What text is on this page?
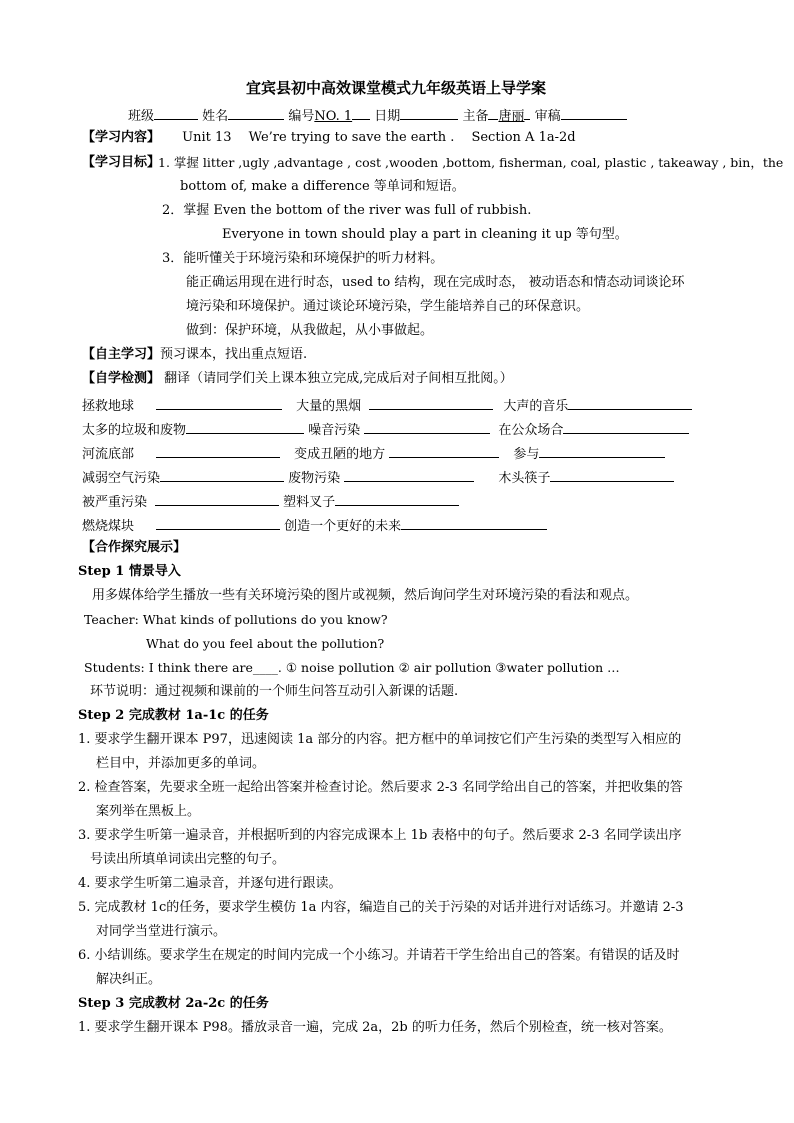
宜宾县初中高效课堂模式九年级英语上导学案
班级	姓名	编号NO. 1 日期	主备 唐丽 审稿
【学习内容】 Unit 13　 We’re trying to save the earth .　 Section A 1a-2d
【学习目标】
1. 掌握 litter ,ugly ,advantage , cost ,wooden ,bottom, fisherman, coal, plastic , takeaway , bin，the
bottom of, make a difference 等单词和短语。
2．掌握 Even the bottom of the river was full of rubbish.
Everyone in town should play a part in cleaning it up 等句型。
3．能听懂关于环境污染和环境保护的听力材料。
能正确运用现在进行时态，used to 结构，现在完成时态， 被动语态和情态动词谈论环
境污染和环境保护。通过谈论环境污染，学生能培养自己的环保意识。
做到：保护环境，从我做起，从小事做起。
【自主学习】预习课本，找出重点短语.
【自学检测】 翻译（请同学们关上课本独立完成,完成后对子间相互批阅。）
拯救地球	大量的黑烟	大声的音乐
太多的垃圾和废物	噪音污染	在公众场合
河流底部	变成丑陋的地方	参与
减弱空气污染	废物污染	木头筷子
被严重污染	塑料叉子
燃烧煤块	创造一个更好的未来
【合作探究展示】
Step 1 情景导入
用多媒体给学生播放一些有关环境污染的图片或视频，然后询问学生对环境污染的看法和观点。
Teacher: What kinds of pollutions do you know?
What do you feel about the pollution?
Students: I think there are____. ① noise pollution ② air pollution ③water pollution …
环节说明：通过视频和课前的一个师生问答互动引入新课的话题.
Step 2 完成教材 1a-1c 的任务
1. 要求学生翻开课本 P97，迅速阅读 1a 部分的内容。把方框中的单词按它们产生污染的类型写入相应的
栏目中，并添加更多的单词。
2. 检查答案，先要求全班一起给出答案并检查讨论。然后要求 2-3 名同学给出自己的答案，并把收集的答
案列举在黑板上。
3. 要求学生听第一遍录音，并根据听到的内容完成课本上 1b 表格中的句子。然后要求 2-3 名同学读出序
号读出所填单词读出完整的句子。
4. 要求学生听第二遍录音，并逐句进行跟读。
5. 完成教材 1c的任务，要求学生模仿 1a 内容，编造自己的关于污染的对话并进行对话练习。并邀请 2-3
对同学当堂进行演示。
6. 小结训练。要求学生在规定的时间内完成一个小练习。并请若干学生给出自己的答案。有错误的话及时
解决纠正。
Step 3 完成教材 2a-2c 的任务
1. 要求学生翻开课本 P98。播放录音一遍，完成 2a，2b 的听力任务，然后个别检查，统一核对答案。
